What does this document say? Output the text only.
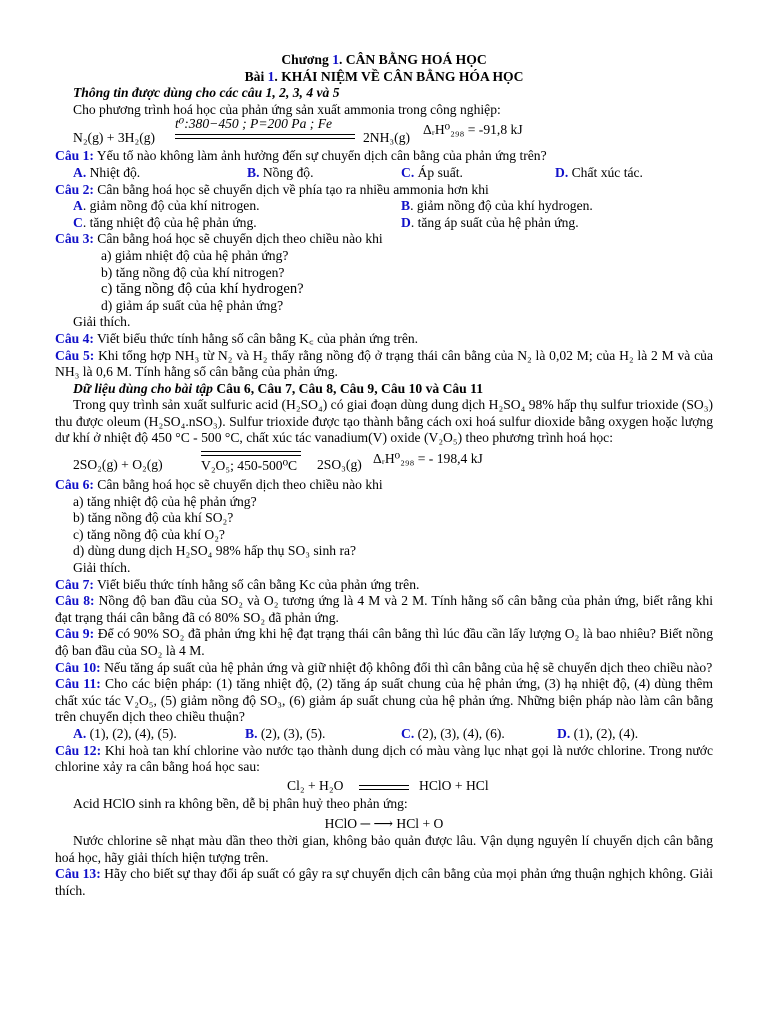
Chương 1. CÂN BẰNG HOÁ HỌC

Bài 1. KHÁI NIỆM VỀ CÂN BẰNG HÓA HỌC

Thông tin được dùng cho các câu 1, 2, 3, 4 và 5

Cho phương trình hoá học của phản ứng sản xuất ammonia trong công nghiệp:

N₂(g) + 3H₂(g)
t⁰:380−450 ; P=200 Pa ; Fe
2NH₃(g)
ΔᵣH⁰₂₉₈ = -91,8 kJ

Câu 1: Yếu tố nào không làm ảnh hưởng đến sự chuyển dịch cân bằng của phản ứng trên?

A. Nhiệt độ.	B. Nồng độ.	C. Áp suất.	D. Chất xúc tác.

Câu 2: Cân bằng hoá học sẽ chuyển dịch về phía tạo ra nhiều ammonia hơn khi

A. giảm nồng độ của khí nitrogen.	B. giảm nồng độ của khí hydrogen.
C. tăng nhiệt độ của hệ phản ứng.	D. tăng áp suất của hệ phản ứng.

Câu 3: Cân bằng hoá học sẽ chuyển dịch theo chiều nào khi

a) giảm nhiệt độ của hệ phản ứng?

b) tăng nồng độ của khí nitrogen?

c) tăng nồng độ của khí hydrogen?

d) giảm áp suất của hệ phản ứng?

Giải thích.

Câu 4: Viết biểu thức tính hằng số cân bằng K꜀ của phản ứng trên.

Câu 5: Khi tổng hợp NH₃ từ N₂ và H₂ thấy rằng nồng độ ở trạng thái cân bằng của N₂ là 0,02 M; của H₂ là 2 M và của NH₃ là 0,6 M. Tính hằng số cân bằng của phản ứng.

Dữ liệu dùng cho bài tập Câu 6, Câu 7, Câu 8, Câu 9, Câu 10 và Câu 11

Trong quy trình sản xuất sulfuric acid (H₂SO₄) có giai đoạn dùng dung dịch H₂SO₄ 98% hấp thụ sulfur trioxide (SO₃) thu được oleum (H₂SO₄.nSO₃). Sulfur trioxide được tạo thành bằng cách oxi hoá sulfur dioxide bằng oxygen hoặc lượng dư khí ở nhiệt độ 450 °C - 500 °C, chất xúc tác vanadium(V) oxide (V₂O₅) theo phương trình hoá học:

2SO₂(g) + O₂(g)	V₂O₅; 450-500⁰C 2SO₃(g) ΔᵣH⁰₂₉₈ = - 198,4 kJ

Câu 6: Cân bằng hoá học sẽ chuyển dịch theo chiều nào khi

a) tăng nhiệt độ của hệ phản ứng?

b) tăng nồng độ của khí SO₂?

c) tăng nồng độ của khí O₂?

d) dùng dung dịch H₂SO₄ 98% hấp thụ SO₃ sinh ra?

Giải thích.

Câu 7: Viết biểu thức tính hằng số cân bằng Kc của phản ứng trên.

Câu 8: Nồng độ ban đầu của SO₂ và O₂ tương ứng là 4 M và 2 M. Tính hằng số cân bằng của phản ứng, biết rằng khi đạt trạng thái cân bằng đã có 80% SO₂ đã phản ứng.

Câu 9: Để có 90% SO₂ đã phản ứng khi hệ đạt trạng thái cân bằng thì lúc đầu cần lấy lượng O₂ là bao nhiêu? Biết nồng độ ban đầu của SO₂ là 4 M.

Câu 10: Nếu tăng áp suất của hệ phản ứng và giữ nhiệt độ không đổi thì cân bằng của hệ sẽ chuyển dịch theo chiều nào?

Câu 11: Cho các biện pháp: (1) tăng nhiệt độ, (2) tăng áp suất chung của hệ phản ứng, (3) hạ nhiệt độ, (4) dùng thêm chất xúc tác V₂O₅, (5) giảm nồng độ SO₃, (6) giảm áp suất chung của hệ phản ứng. Những biện pháp nào làm cân bằng trên chuyển dịch theo chiều thuận?

A. (1), (2), (4), (5).	B. (2), (3), (5).	C. (2), (3), (4), (6).	D. (1), (2), (4).

Câu 12: Khi hoà tan khí chlorine vào nước tạo thành dung dịch có màu vàng lục nhạt gọi là nước chlorine. Trong nước chlorine xảy ra cân bằng hoá học sau:

Cl₂ + H₂O	HClO + HCl

Acid HClO sinh ra không bền, dễ bị phân huỷ theo phản ứng:

HClO ─ ⟶ HCl + O

Nước chlorine sẽ nhạt màu dần theo thời gian, không bảo quản được lâu. Vận dụng nguyên lí chuyển dịch cân bằng hoá học, hãy giải thích hiện tượng trên.

Câu 13: Hãy cho biết sự thay đổi áp suất có gây ra sự chuyển dịch cân bằng của mọi phản ứng thuận nghịch không. Giải thích.
